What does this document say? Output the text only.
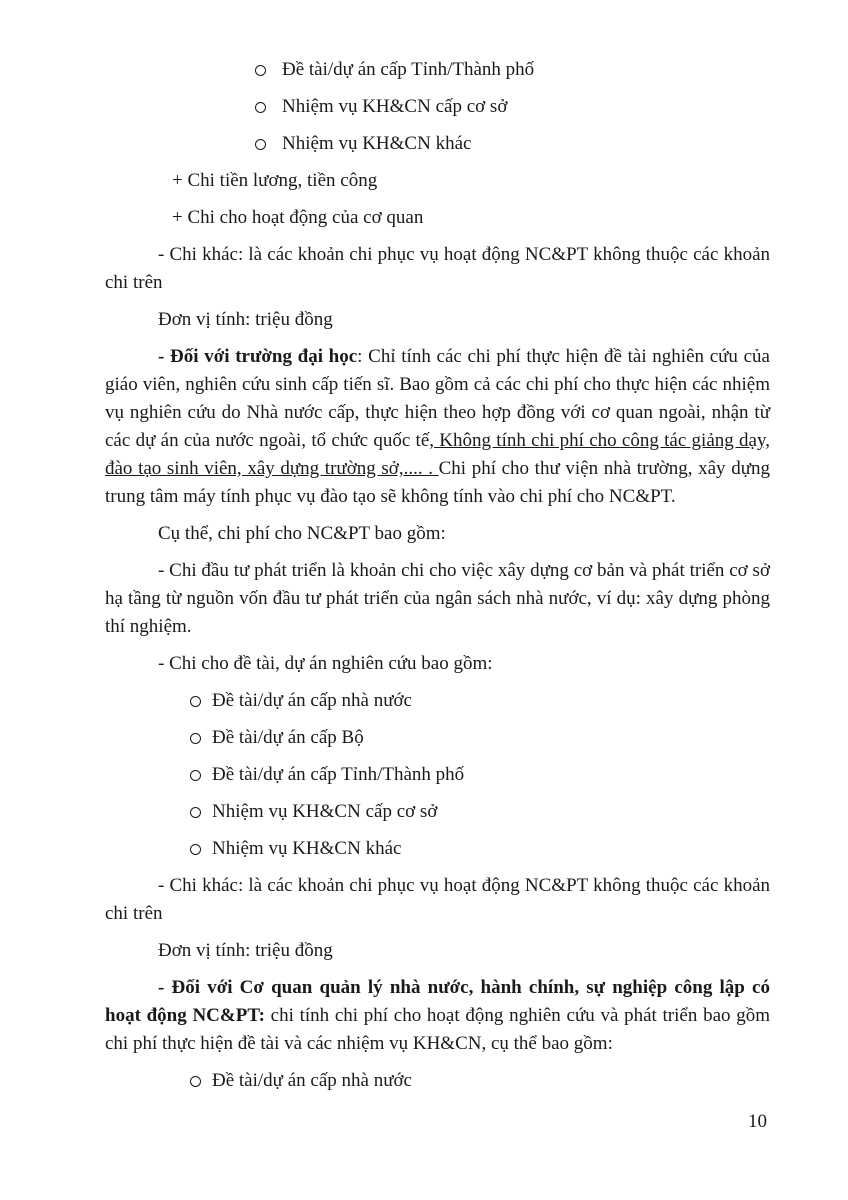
Đề tài/dự án cấp Tỉnh/Thành phố
Nhiệm vụ KH&CN cấp cơ sở
Nhiệm vụ KH&CN khác
+ Chi tiền lương, tiền công
+ Chi cho hoạt động của cơ quan
- Chi khác: là các khoản chi phục vụ hoạt động NC&PT không thuộc các khoản chi trên
Đơn vị tính: triệu đồng
- Đối với trường đại học: Chỉ tính các chi phí thực hiện đề tài nghiên cứu của giáo viên, nghiên cứu sinh cấp tiến sĩ. Bao gồm cả các chi phí cho thực hiện các nhiệm vụ nghiên cứu do Nhà nước cấp, thực hiện theo hợp đồng với cơ quan ngoài, nhận từ các dự án của nước ngoài, tổ chức quốc tế, Không tính chi phí cho công tác giảng dạy, đào tạo sinh viên, xây dựng trường sở,.... . Chi phí cho thư viện nhà trường, xây dựng trung tâm máy tính phục vụ đào tạo sẽ không tính vào chi phí cho NC&PT.
Cụ thể, chi phí cho NC&PT bao gồm:
- Chi đầu tư phát triển là khoản chi cho việc xây dựng cơ bản và phát triển cơ sở hạ tầng từ nguồn vốn đầu tư phát triển của ngân sách nhà nước, ví dụ: xây dựng phòng thí nghiệm.
- Chi cho đề tài, dự án nghiên cứu bao gồm:
Đề tài/dự án cấp nhà nước
Đề tài/dự án cấp Bộ
Đề tài/dự án cấp Tỉnh/Thành phố
Nhiệm vụ KH&CN cấp cơ sở
Nhiệm vụ KH&CN khác
- Chi khác: là các khoản chi phục vụ hoạt động NC&PT không thuộc các khoản chi trên
Đơn vị tính: triệu đồng
- Đối với Cơ quan quản lý nhà nước, hành chính, sự nghiệp công lập có hoạt động NC&PT: chi tính chi phí cho hoạt động nghiên cứu và phát triển bao gồm chi phí thực hiện đề tài và các nhiệm vụ KH&CN, cụ thể bao gồm:
Đề tài/dự án cấp nhà nước
10
